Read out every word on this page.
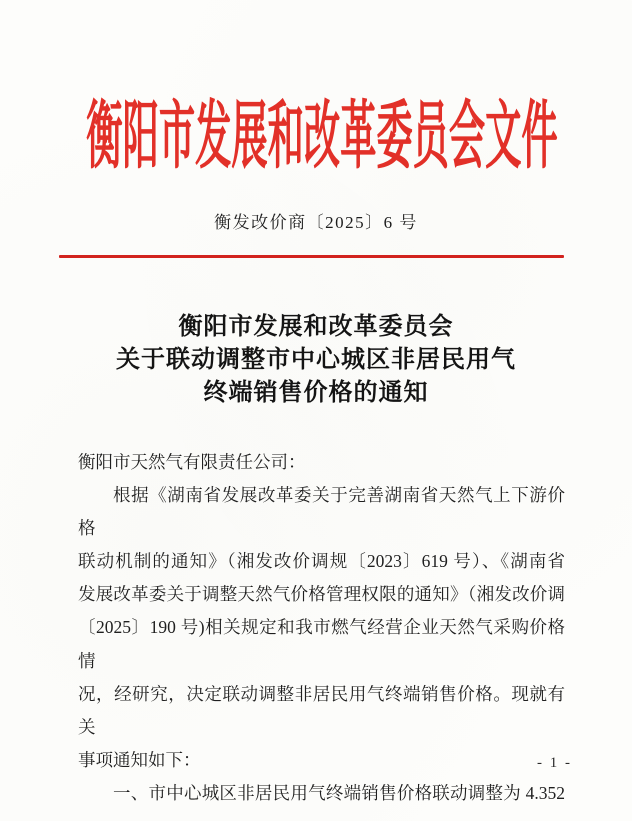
衡阳市发展和改革委员会文件
衡发改价商〔2025〕6 号
衡阳市发展和改革委员会
关于联动调整市中心城区非居民用气
终端销售价格的通知
衡阳市天然气有限责任公司：
根据《湖南省发展改革委关于完善湖南省天然气上下游价格
联动机制的通知》（湘发改价调规〔2023〕619 号）、《湖南省
发展改革委关于调整天然气价格管理权限的通知》（湘发改价调
〔2025〕190 号)相关规定和我市燃气经营企业天然气采购价格情
况，经研究，决定联动调整非居民用气终端销售价格。现就有关
事项通知如下：
一、市中心城区非居民用气终端销售价格联动调整为 4.352
- 1 -
